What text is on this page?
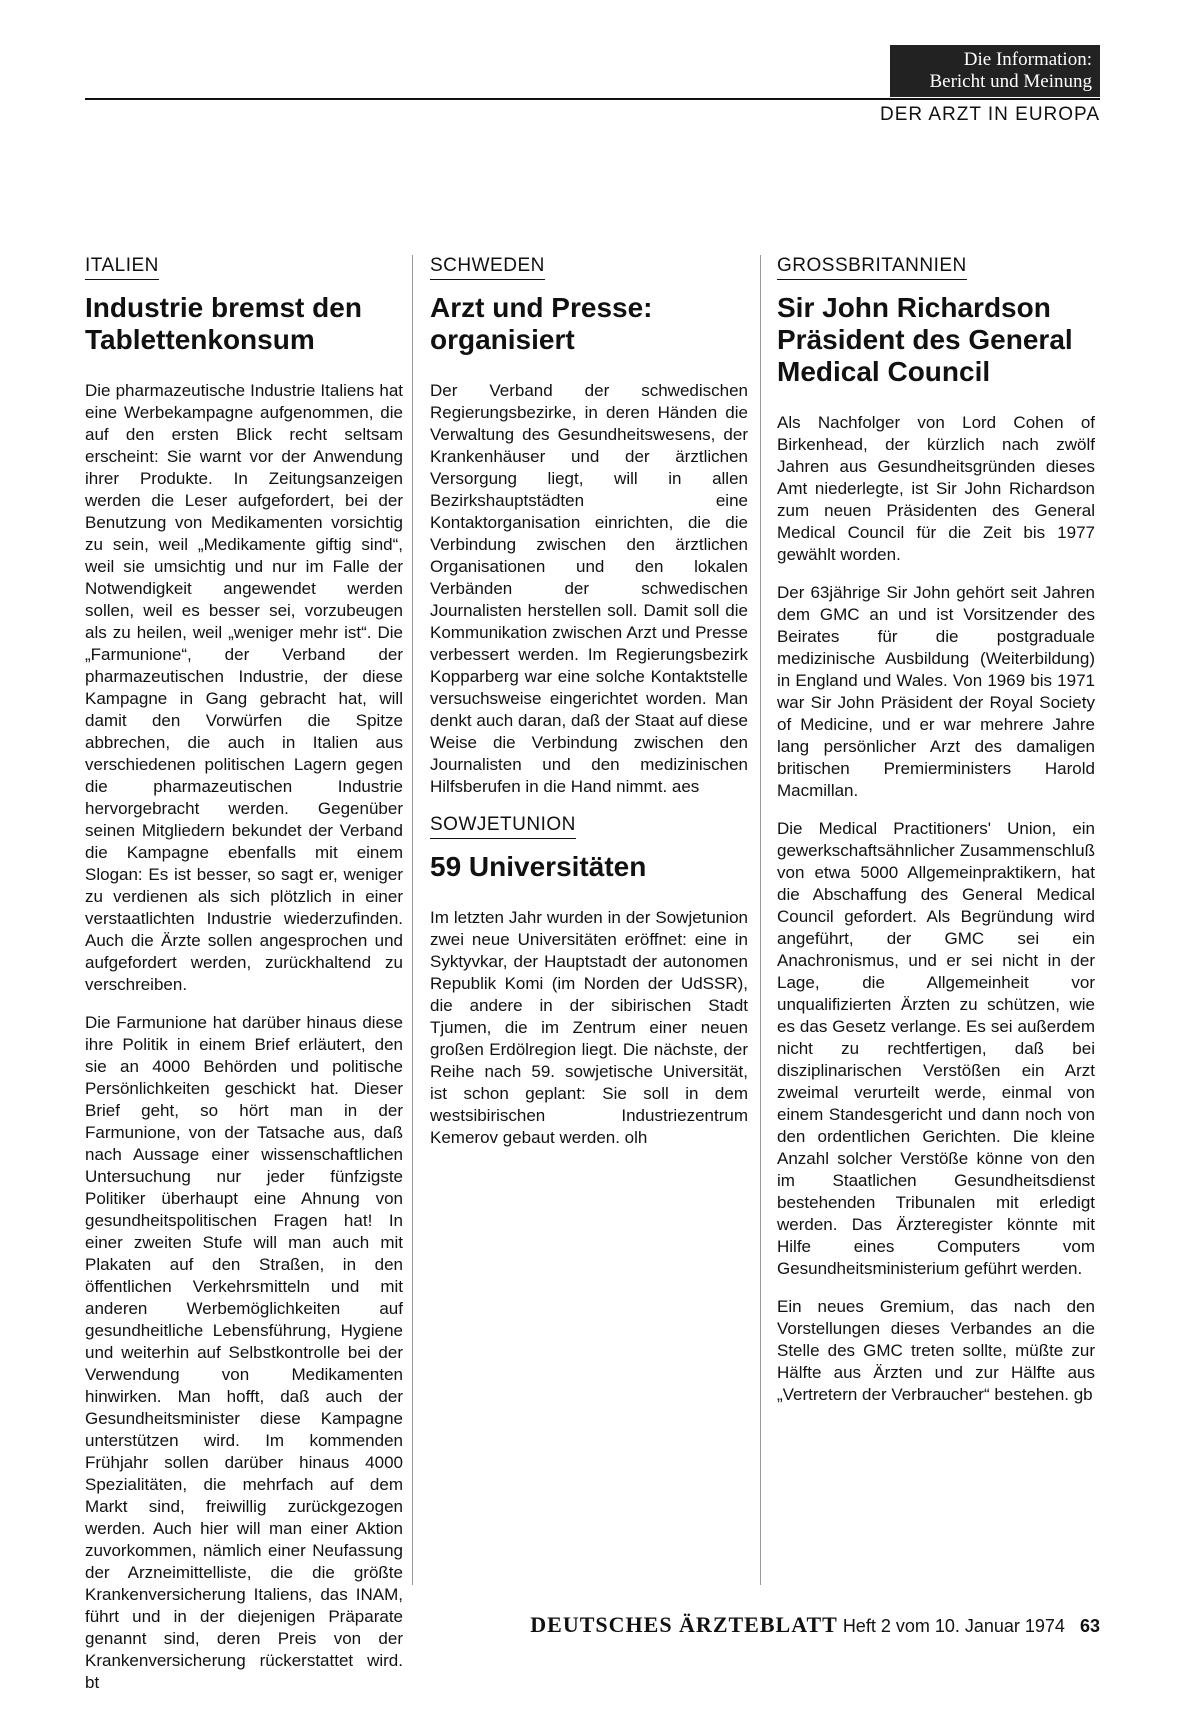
Die Information:
Bericht und Meinung
DER ARZT IN EUROPA
ITALIEN
Industrie bremst den Tablettenkonsum

Die pharmazeutische Industrie Italiens hat eine Werbekampagne aufgenommen, die auf den ersten Blick recht seltsam erscheint: Sie warnt vor der Anwendung ihrer Produkte. In Zeitungsanzeigen werden die Leser aufgefordert, bei der Benutzung von Medikamenten vorsichtig zu sein, weil „Medikamente giftig sind“, weil sie umsichtig und nur im Falle der Notwendigkeit angewendet werden sollen, weil es besser sei, vorzubeugen als zu heilen, weil „weniger mehr ist“. Die „Farmunione“, der Verband der pharmazeutischen Industrie, der diese Kampagne in Gang gebracht hat, will damit den Vorwürfen die Spitze abbrechen, die auch in Italien aus verschiedenen politischen Lagern gegen die pharmazeutischen Industrie hervorgebracht werden. Gegenüber seinen Mitgliedern bekundet der Verband die Kampagne ebenfalls mit einem Slogan: Es ist besser, so sagt er, weniger zu verdienen als sich plötzlich in einer verstaatlichten Industrie wiederzufinden. Auch die Ärzte sollen angesprochen und aufgefordert werden, zurückhaltend zu verschreiben.

Die Farmunione hat darüber hinaus diese ihre Politik in einem Brief erläutert, den sie an 4000 Behörden und politische Persönlichkeiten geschickt hat. Dieser Brief geht, so hört man in der Farmunione, von der Tatsache aus, daß nach Aussage einer wissenschaftlichen Untersuchung nur jeder fünfzigste Politiker überhaupt eine Ahnung von gesundheitspolitischen Fragen hat! In einer zweiten Stufe will man auch mit Plakaten auf den Straßen, in den öffentlichen Verkehrsmitteln und mit anderen Werbemöglichkeiten auf gesundheitliche Lebensführung, Hygiene und weiterhin auf Selbstkontrolle bei der Verwendung von Medikamenten hinwirken. Man hofft, daß auch der Gesundheitsminister diese Kampagne unterstützen wird. Im kommenden Frühjahr sollen darüber hinaus 4000 Spezialitäten, die mehrfach auf dem Markt sind, freiwillig zurückgezogen werden. Auch hier will man einer Aktion zuvorkommen, nämlich einer Neufassung der Arzneimittelliste, die die größte Krankenversicherung Italiens, das INAM, führt und in der diejenigen Präparate genannt sind, deren Preis von der Krankenversicherung rückerstattet wird. bt

SCHWEDEN
Arzt und Presse: organisiert

Der Verband der schwedischen Regierungsbezirke, in deren Händen die Verwaltung des Gesundheitswesens, der Krankenhäuser und der ärztlichen Versorgung liegt, will in allen Bezirkshauptstädten eine Kontaktorganisation einrichten, die die Verbindung zwischen den ärztlichen Organisationen und den lokalen Verbänden der schwedischen Journalisten herstellen soll. Damit soll die Kommunikation zwischen Arzt und Presse verbessert werden. Im Regierungsbezirk Kopparberg war eine solche Kontaktstelle versuchsweise eingerichtet worden. Man denkt auch daran, daß der Staat auf diese Weise die Verbindung zwischen den Journalisten und den medizinischen Hilfsberufen in die Hand nimmt. aes

SOWJETUNION
59 Universitäten

Im letzten Jahr wurden in der Sowjetunion zwei neue Universitäten eröffnet: eine in Syktyvkar, der Hauptstadt der autonomen Republik Komi (im Norden der UdSSR), die andere in der sibirischen Stadt Tjumen, die im Zentrum einer neuen großen Erdölregion liegt. Die nächste, der Reihe nach 59. sowjetische Universität, ist schon geplant: Sie soll in dem westsibirischen Industriezentrum Kemerov gebaut werden. olh

GROSSBRITANNIEN
Sir John Richardson Präsident des General Medical Council

Als Nachfolger von Lord Cohen of Birkenhead, der kürzlich nach zwölf Jahren aus Gesundheitsgründen dieses Amt niederlegte, ist Sir John Richardson zum neuen Präsidenten des General Medical Council für die Zeit bis 1977 gewählt worden.

Der 63jährige Sir John gehört seit Jahren dem GMC an und ist Vorsitzender des Beirates für die postgraduale medizinische Ausbildung (Weiterbildung) in England und Wales. Von 1969 bis 1971 war Sir John Präsident der Royal Society of Medicine, und er war mehrere Jahre lang persönlicher Arzt des damaligen britischen Premierministers Harold Macmillan.

Die Medical Practitioners' Union, ein gewerkschaftsähnlicher Zusammenschluß von etwa 5000 Allgemeinpraktikern, hat die Abschaffung des General Medical Council gefordert. Als Begründung wird angeführt, der GMC sei ein Anachronismus, und er sei nicht in der Lage, die Allgemeinheit vor unqualifizierten Ärzten zu schützen, wie es das Gesetz verlange. Es sei außerdem nicht zu rechtfertigen, daß bei disziplinarischen Verstößen ein Arzt zweimal verurteilt werde, einmal von einem Standesgericht und dann noch von den ordentlichen Gerichten. Die kleine Anzahl solcher Verstöße könne von den im Staatlichen Gesundheitsdienst bestehenden Tribunalen mit erledigt werden. Das Ärzteregister könnte mit Hilfe eines Computers vom Gesundheitsministerium geführt werden.

Ein neues Gremium, das nach den Vorstellungen dieses Verbandes an die Stelle des GMC treten sollte, müßte zur Hälfte aus Ärzten und zur Hälfte aus „Vertretern der Verbraucher“ bestehen. gb

DEUTSCHES ÄRZTEBLATT Heft 2 vom 10. Januar 1974 63
